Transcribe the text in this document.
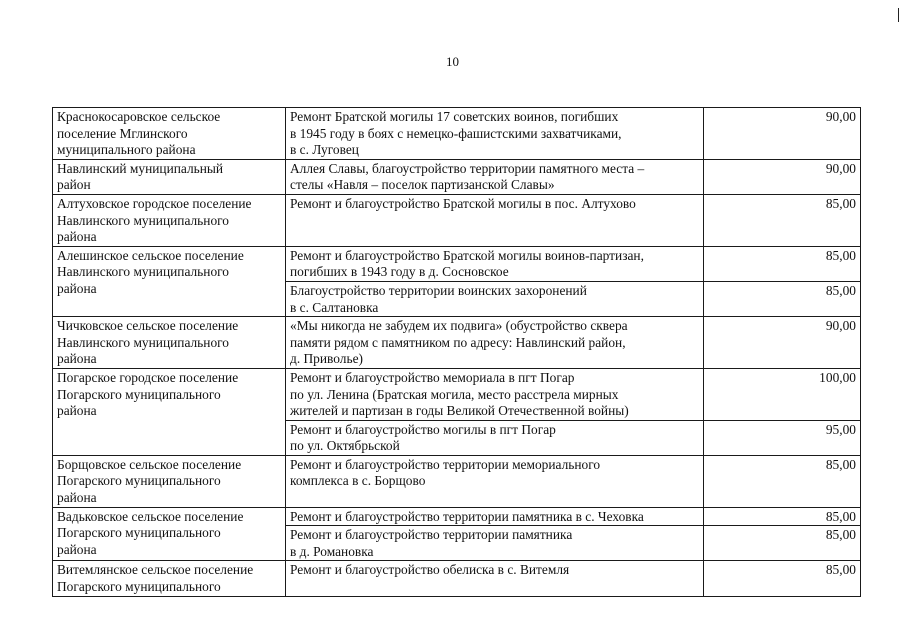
10
Краснокосаровское сельское
поселение Мглинского
муниципального района	Ремонт Братской могилы 17 советских воинов, погибших
в 1945 году в боях с немецко-фашистскими захватчиками,
в с. Луговец	90,00
Навлинский муниципальный
район	Аллея Славы, благоустройство территории памятного места –
стелы «Навля – поселок партизанской Славы»	90,00
Алтуховское городское поселение
Навлинского муниципального
района	Ремонт и благоустройство Братской могилы в пос. Алтухово	85,00
Алешинское сельское поселение
Навлинского муниципального
района	Ремонт и благоустройство Братской могилы воинов-партизан,
погибших в 1943 году в д. Сосновское	85,00
	Благоустройство территории воинских захоронений
в с. Салтановка	85,00
Чичковское сельское поселение
Навлинского муниципального
района	«Мы никогда не забудем их подвига» (обустройство сквера
памяти рядом с памятником по адресу: Навлинский район,
д. Приволье)	90,00
Погарское городское поселение
Погарского муниципального
района	Ремонт и благоустройство мемориала в пгт Погар
по ул. Ленина (Братская могила, место расстрела мирных
жителей и партизан в годы Великой Отечественной войны)	100,00
	Ремонт и благоустройство могилы в пгт Погар
по ул. Октябрьской	95,00
Борщовское сельское поселение
Погарского муниципального
района	Ремонт и благоустройство территории мемориального
комплекса в с. Борщово	85,00
Вадьковское сельское поселение
Погарского муниципального
района	Ремонт и благоустройство территории памятника в с. Чеховка	85,00
	Ремонт и благоустройство территории памятника
в д. Романовка	85,00
Витемлянское сельское поселение
Погарского муниципального	Ремонт и благоустройство обелиска в с. Витемля	85,00
